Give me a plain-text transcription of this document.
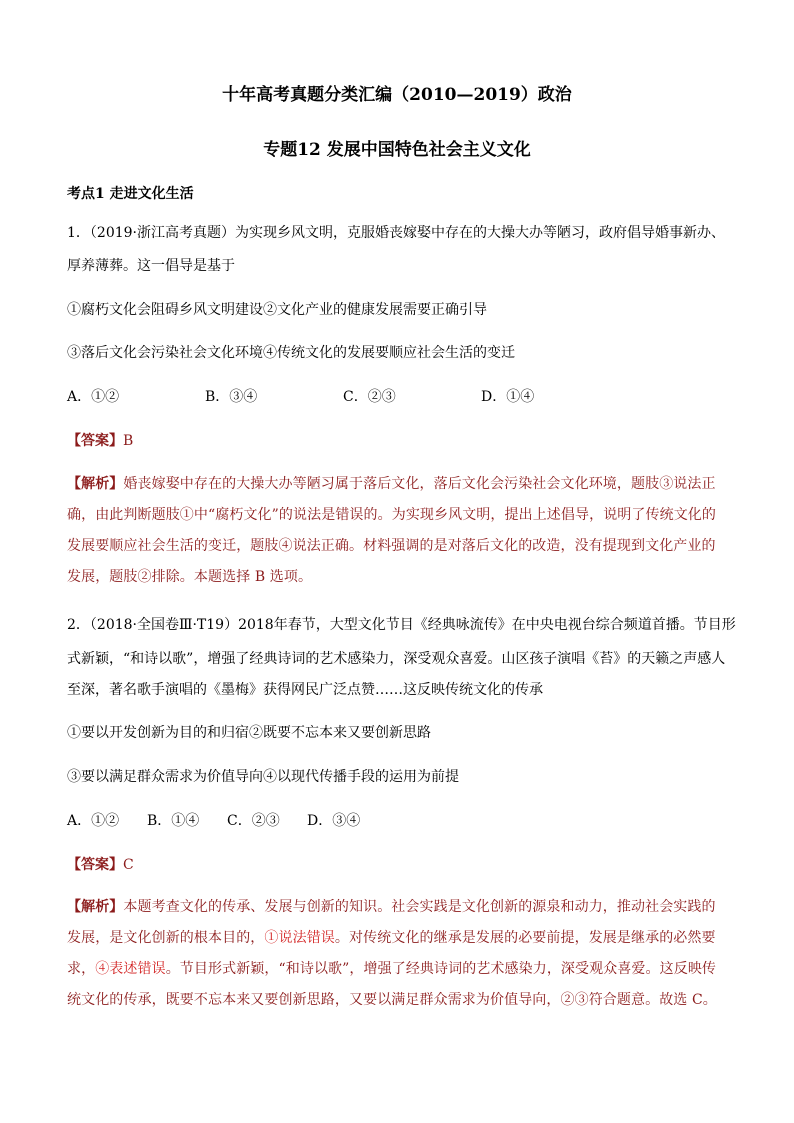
十年高考真题分类汇编（2010—2019）政治
专题12 发展中国特色社会主义文化
考点1 走进文化生活
1．（2019·浙江高考真题）为实现乡风文明，克服婚丧嫁娶中存在的大操大办等陋习，政府倡导婚事新办、
厚养薄葬。这一倡导是基于
①腐朽文化会阻碍乡风文明建设②文化产业的健康发展需要正确引导
③落后文化会污染社会文化环境④传统文化的发展要顺应社会生活的变迁
A．①②	B．③④	C．②③	D．①④
【答案】B
【解析】婚丧嫁娶中存在的大操大办等陋习属于落后文化，落后文化会污染社会文化环境，题肢③说法正确，由此判断题肢①中“腐朽文化”的说法是错误的。为实现乡风文明，提出上述倡导，说明了传统文化的发展要顺应社会生活的变迁，题肢④说法正确。材料强调的是对落后文化的改造，没有提现到文化产业的发展，题肢②排除。本题选择 B 选项。
2．（2018·全国卷Ⅲ·T19）2018年春节，大型文化节目《经典咏流传》在中央电视台综合频道首播。节目形
式新颖，“和诗以歌”，增强了经典诗词的艺术感染力，深受观众喜爱。山区孩子演唱《苔》的天籁之声感人
至深，著名歌手演唱的《墨梅》获得网民广泛点赞……这反映传统文化的传承
①要以开发创新为目的和归宿②既要不忘本来又要创新思路
③要以满足群众需求为价值导向④以现代传播手段的运用为前提
A．①② B．①④ C．②③ D．③④
【答案】C
【解析】本题考查文化的传承、发展与创新的知识。社会实践是文化创新的源泉和动力，推动社会实践的发展，是文化创新的根本目的，①说法错误。对传统文化的继承是发展的必要前提，发展是继承的必然要求，④表述错误。节目形式新颖，“和诗以歌”，增强了经典诗词的艺术感染力，深受观众喜爱。这反映传统文化的传承，既要不忘本来又要创新思路，又要以满足群众需求为价值导向，②③符合题意。故选 C。
